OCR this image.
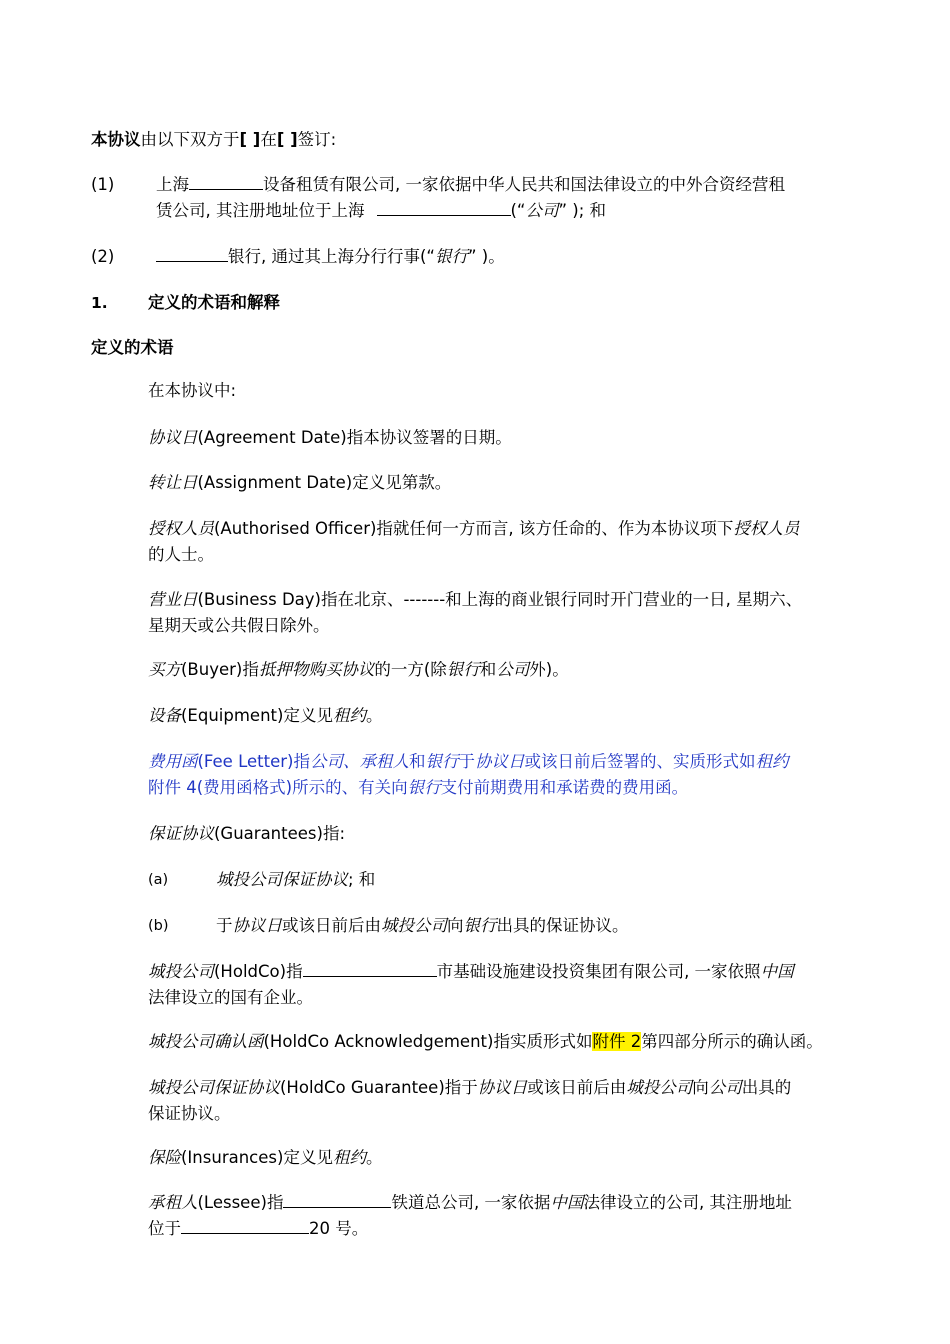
本协议由以下双方于[ ]在[ ]签订:
(1)	上海	设备租赁有限公司, 一家依据中华人民共和国法律设立的中外合资经营租
赁公司, 其注册地址位于上海	(“公司” ); 和
(2)	银行, 通过其上海分行行事(“银行” )。
1. 定义的术语和解释
定义的术语
在本协议中:
协议日(Agreement Date)指本协议签署的日期。
转让日(Assignment Date)定义见第款。
授权人员(Authorised Officer)指就任何一方而言, 该方任命的、作为本协议项下授权人员
的人士。
营业日(Business Day)指在北京、-------和上海的商业银行同时开门营业的一日, 星期六、
星期天或公共假日除外。
买方(Buyer)指抵押物购买协议的一方(除银行和公司外)。
设备(Equipment)定义见租约。
费用函(Fee Letter)指公司、承租人和银行于协议日或该日前后签署的、实质形式如租约
附件 4(费用函格式)所示的、有关向银行支付前期费用和承诺费的费用函。
保证协议(Guarantees)指:
(a)	城投公司保证协议; 和
(b)	于协议日或该日前后由城投公司向银行出具的保证协议。
城投公司(HoldCo)指	市基础设施建设投资集团有限公司, 一家依照中国
法律设立的国有企业。
城投公司确认函(HoldCo Acknowledgement)指实质形式如附件 2第四部分所示的确认函。
城投公司保证协议(HoldCo Guarantee)指于协议日或该日前后由城投公司向公司出具的
保证协议。
保险(Insurances)定义见租约。
承租人(Lessee)指	铁道总公司, 一家依据中国法律设立的公司, 其注册地址
位于	20 号。
